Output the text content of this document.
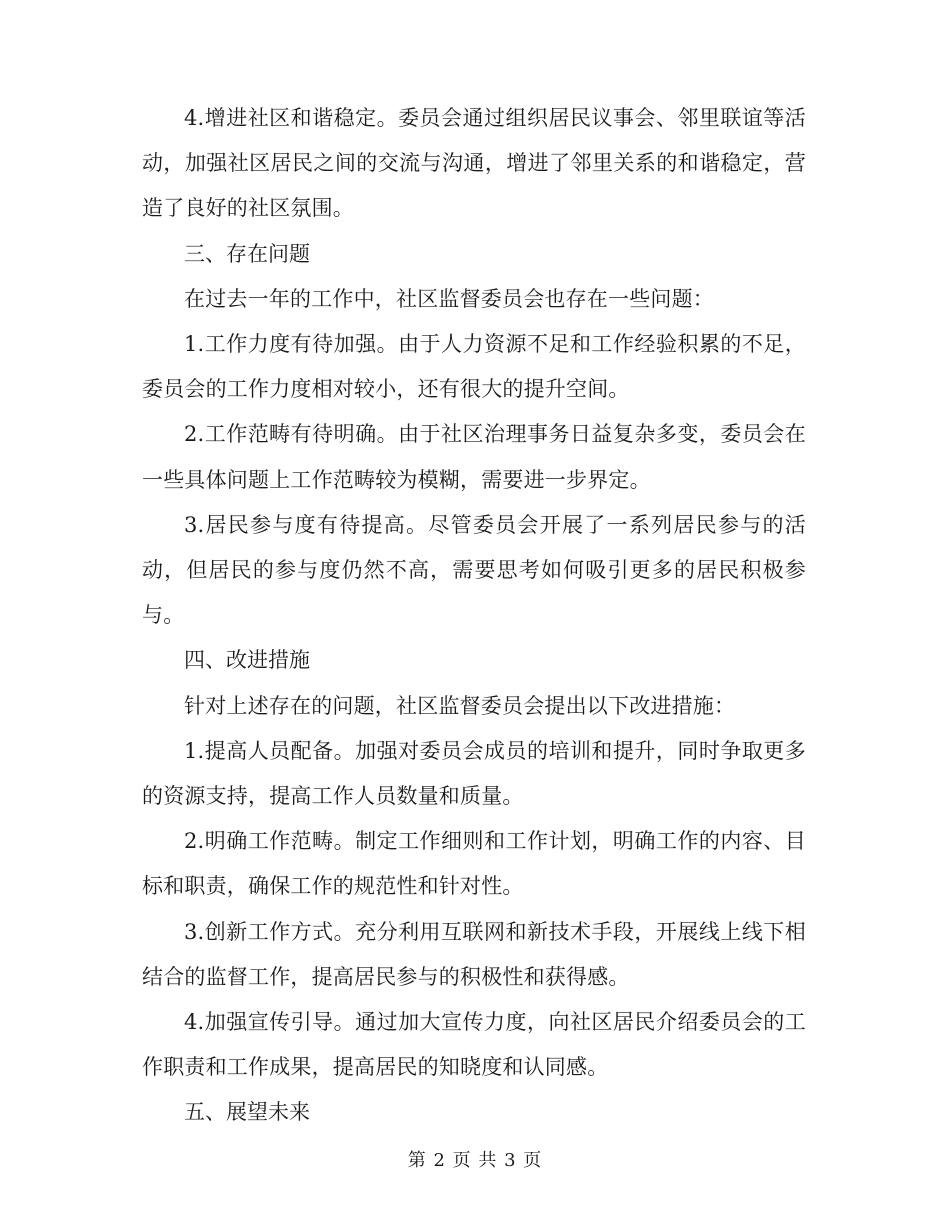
4.增进社区和谐稳定。委员会通过组织居民议事会、邻里联谊等活动，加强社区居民之间的交流与沟通，增进了邻里关系的和谐稳定，营造了良好的社区氛围。

三、存在问题

在过去一年的工作中，社区监督委员会也存在一些问题：

1.工作力度有待加强。由于人力资源不足和工作经验积累的不足，委员会的工作力度相对较小，还有很大的提升空间。

2.工作范畴有待明确。由于社区治理事务日益复杂多变，委员会在一些具体问题上工作范畴较为模糊，需要进一步界定。

3.居民参与度有待提高。尽管委员会开展了一系列居民参与的活动，但居民的参与度仍然不高，需要思考如何吸引更多的居民积极参与。

四、改进措施

针对上述存在的问题，社区监督委员会提出以下改进措施：

1.提高人员配备。加强对委员会成员的培训和提升，同时争取更多的资源支持，提高工作人员数量和质量。

2.明确工作范畴。制定工作细则和工作计划，明确工作的内容、目标和职责，确保工作的规范性和针对性。

3.创新工作方式。充分利用互联网和新技术手段，开展线上线下相结合的监督工作，提高居民参与的积极性和获得感。

4.加强宣传引导。通过加大宣传力度，向社区居民介绍委员会的工作职责和工作成果，提高居民的知晓度和认同感。

五、展望未来

第 2 页 共 3 页
